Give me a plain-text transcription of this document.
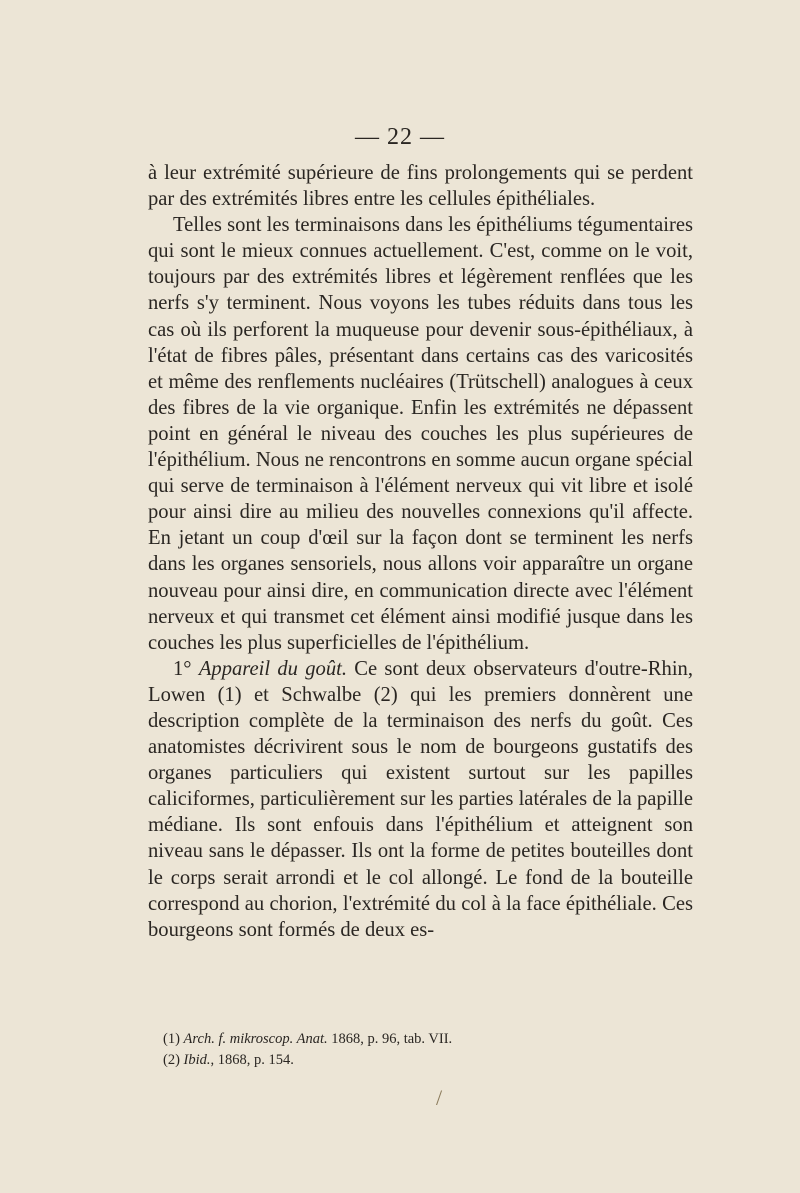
— 22 —

à leur extrémité supérieure de fins prolongements qui se perdent par des extrémités libres entre les cellules épithéliales.

Telles sont les terminaisons dans les épithéliums tégumentaires qui sont le mieux connues actuellement. C'est, comme on le voit, toujours par des extrémités libres et légèrement renflées que les nerfs s'y terminent. Nous voyons les tubes réduits dans tous les cas où ils perforent la muqueuse pour devenir sous-épithéliaux, à l'état de fibres pâles, présentant dans certains cas des varicosités et même des renflements nucléaires (Trütschell) analogues à ceux des fibres de la vie organique. Enfin les extrémités ne dépassent point en général le niveau des couches les plus supérieures de l'épithélium. Nous ne rencontrons en somme aucun organe spécial qui serve de terminaison à l'élément nerveux qui vit libre et isolé pour ainsi dire au milieu des nouvelles connexions qu'il affecte. En jetant un coup d'œil sur la façon dont se terminent les nerfs dans les organes sensoriels, nous allons voir apparaître un organe nouveau pour ainsi dire, en communication directe avec l'élément nerveux et qui transmet cet élément ainsi modifié jusque dans les couches les plus superficielles de l'épithélium.

1° Appareil du goût. Ce sont deux observateurs d'outre-Rhin, Lowen (1) et Schwalbe (2) qui les premiers donnèrent une description complète de la terminaison des nerfs du goût. Ces anatomistes décrivirent sous le nom de bourgeons gustatifs des organes particuliers qui existent surtout sur les papilles caliciformes, particulièrement sur les parties latérales de la papille médiane. Ils sont enfouis dans l'épithélium et atteignent son niveau sans le dépasser. Ils ont la forme de petites bouteilles dont le corps serait arrondi et le col allongé. Le fond de la bouteille correspond au chorion, l'extrémité du col à la face épithéliale. Ces bourgeons sont formés de deux es-

(1) Arch. f. mikroscop. Anat. 1868, p. 96, tab. VII.
(2) Ibid., 1868, p. 154.
/
